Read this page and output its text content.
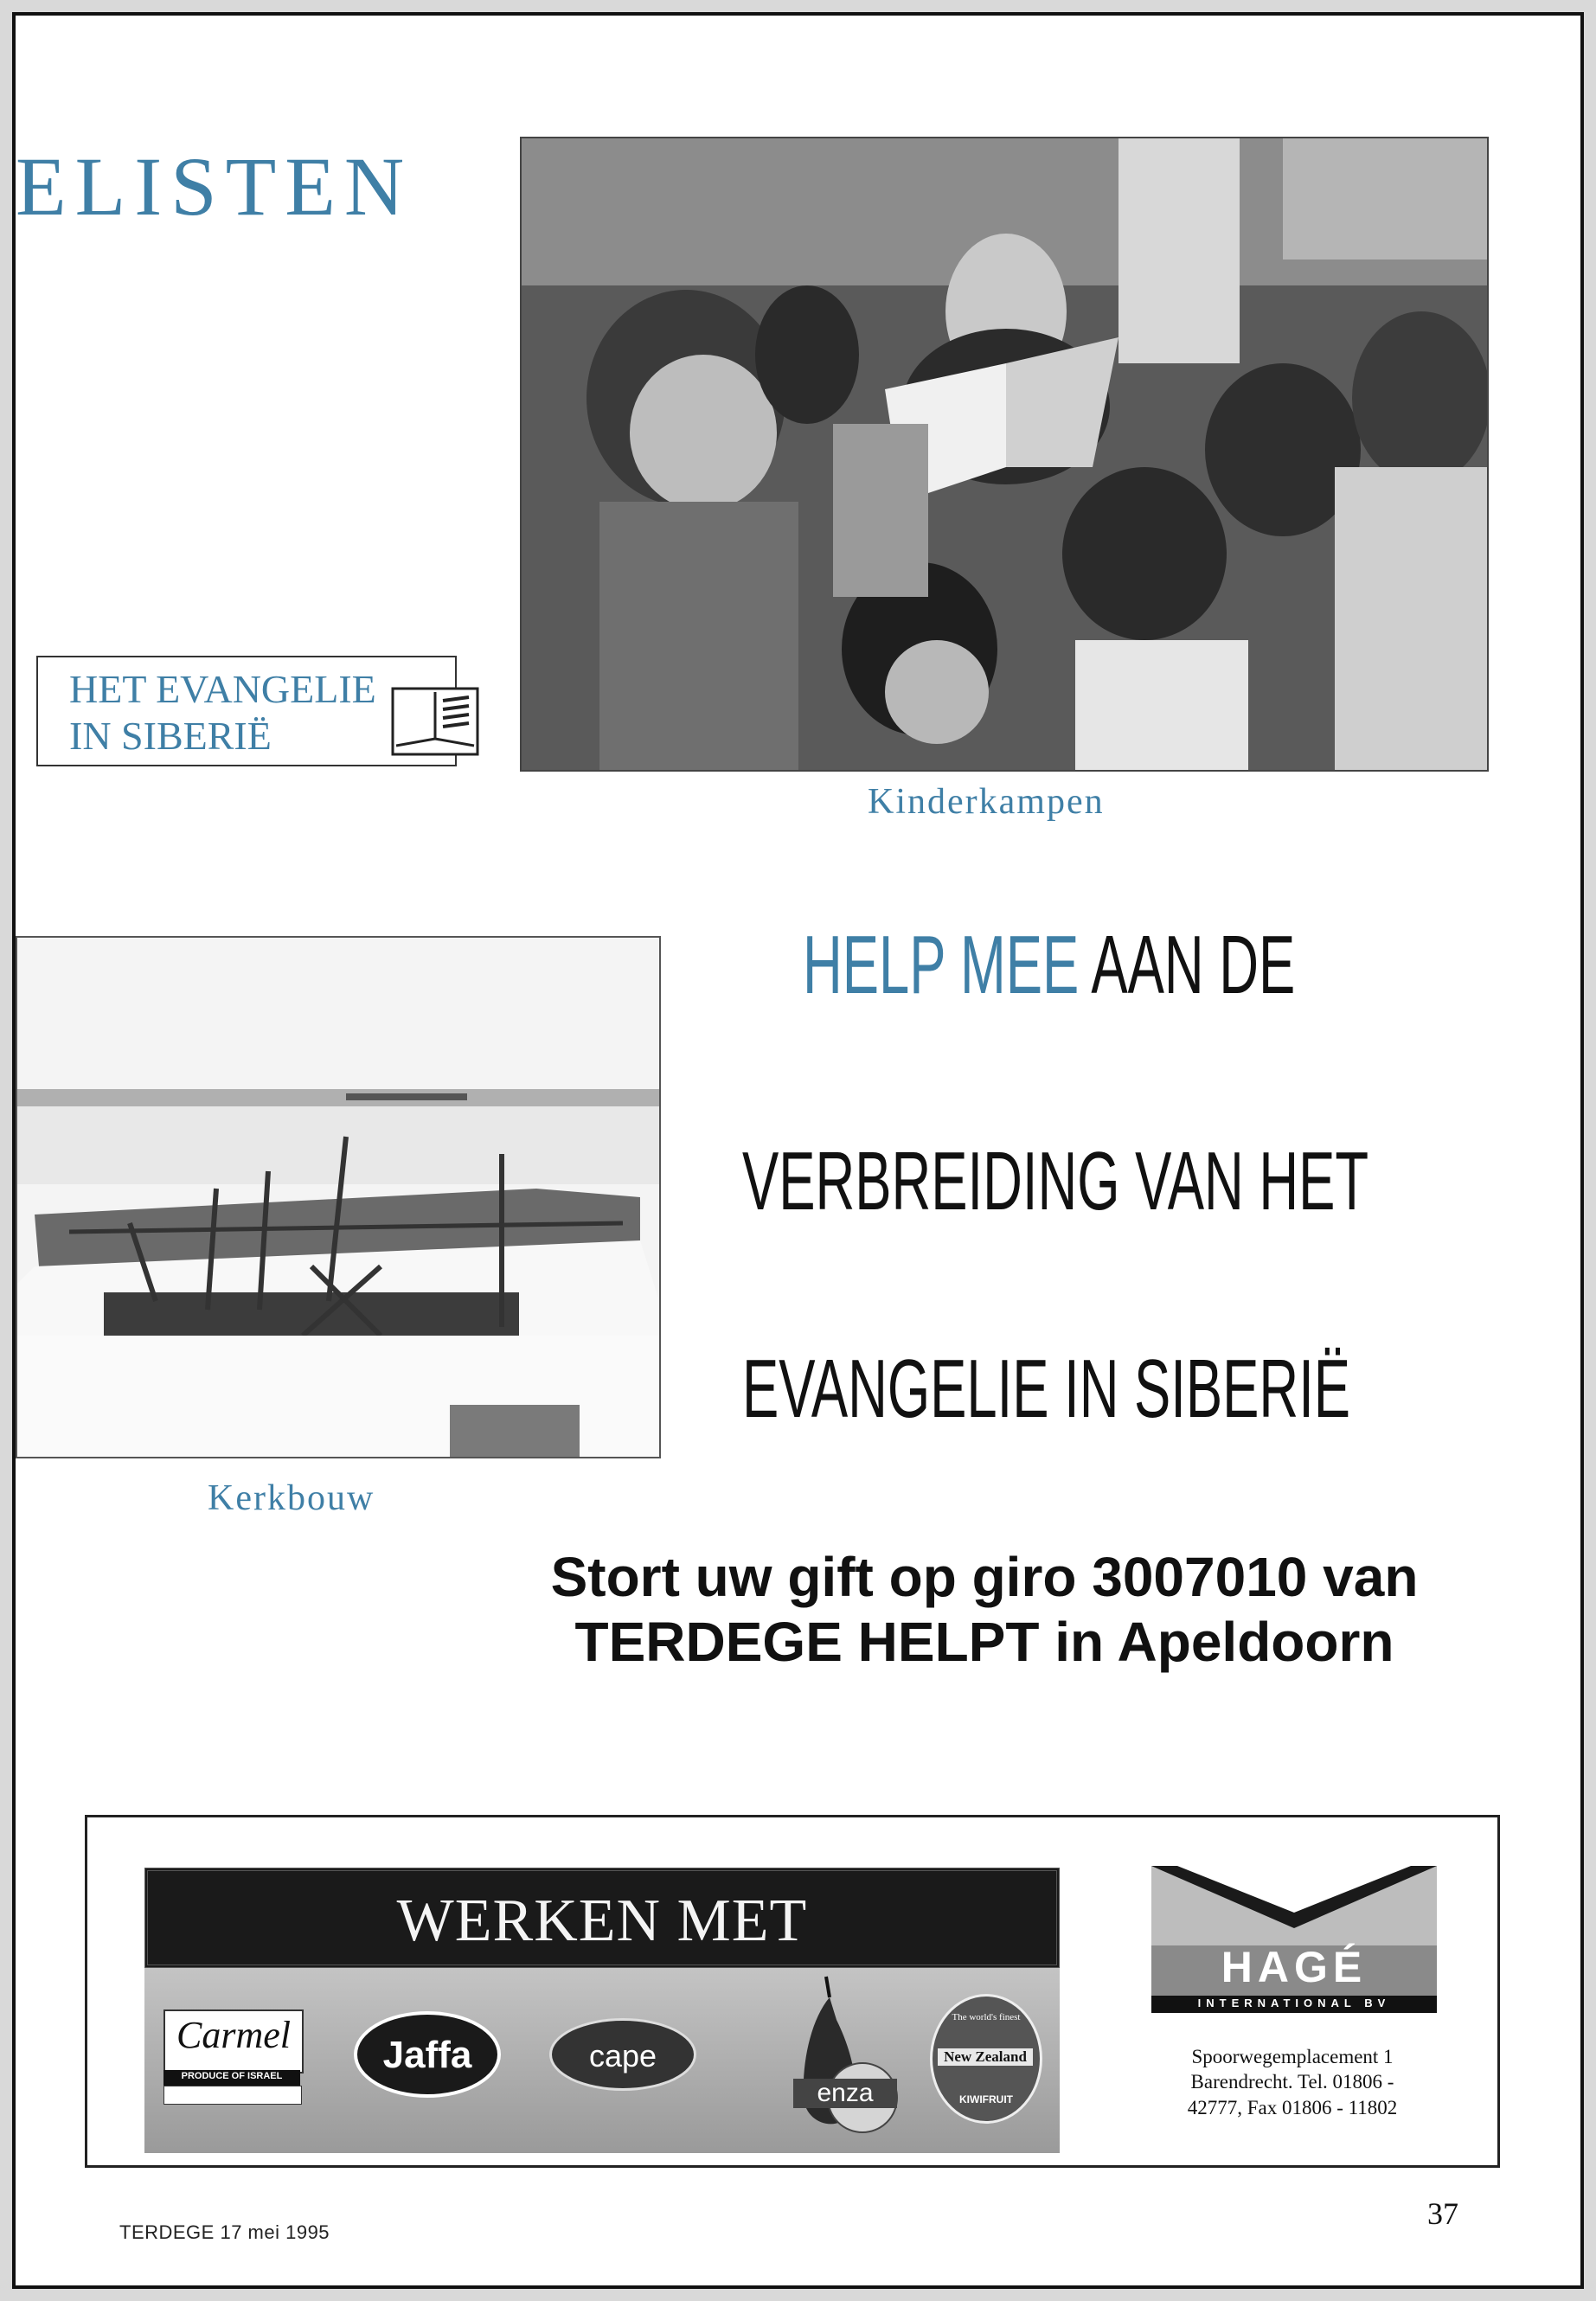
ELISTEN
HET EVANGELIE
IN SIBERIË
Kinderkampen
Kerkbouw
HELP MEE AAN DE
VERBREIDING VAN HET
EVANGELIE IN SIBERIË
Stort uw gift op giro 3007010 van
TERDEGE HELPT in Apeldoorn
WERKEN MET
Carmel
PRODUCE OF ISRAEL	Jaffa	cape
enza
The world's finest
New Zealand
KIWIFRUIT
IMPORT - EXPORT
HAGÉ
INTERNATIONAL BV
Spoorwegemplacement 1
Barendrecht. Tel. 01806 -
42777, Fax 01806 - 11802
TERDEGE 17 mei 1995
37
